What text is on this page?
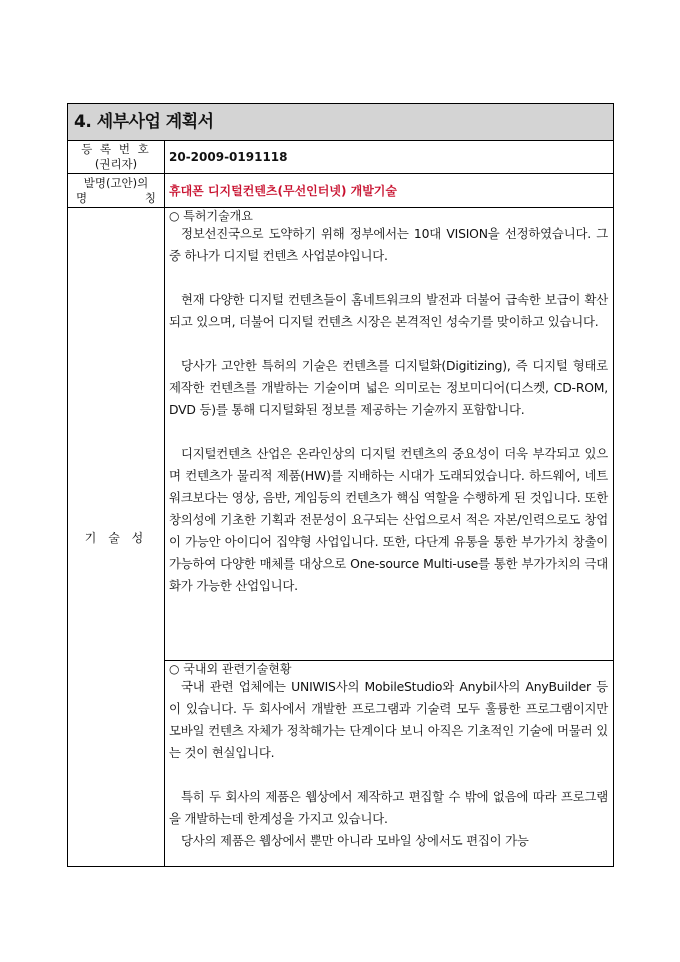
4. 세부사업 계획서	

등 록 번 호
(권리자)	20-2009-0191118

발명(고안)의
명 칭	휴대폰 디지털컨텐츠(무선인터넷) 개발기술
기 술 성	○ 특허기술개요

정보선진국으로 도약하기 위해 정부에서는 10대 VISION을 선정하였습니다. 그 중 하나가 디지털 컨텐츠 사업분야입니다.

현재 다양한 디지털 컨텐츠들이 홈네트워크의 발전과 더불어 급속한 보급이 확산되고 있으며, 더불어 디지털 컨텐츠 시장은 본격적인 성숙기를 맞이하고 있습니다.

당사가 고안한 특허의 기술은 컨텐츠를 디지털화(Digitizing), 즉 디지털 형태로 제작한 컨텐츠를 개발하는 기술이며 넓은 의미로는 정보미디어(디스켓, CD-ROM, DVD 등)를 통해 디지털화된 정보를 제공하는 기술까지 포함합니다.

디지털컨텐츠 산업은 온라인상의 디지털 컨텐츠의 중요성이 더욱 부각되고 있으며 컨텐츠가 물리적 제품(HW)를 지배하는 시대가 도래되었습니다. 하드웨어, 네트워크보다는 영상, 음반, 게임등의 컨텐츠가 핵심 역할을 수행하게 된 것입니다. 또한 창의성에 기초한 기획과 전문성이 요구되는 산업으로서 적은 자본/인력으로도 창업이 가능안 아이디어 집약형 사업입니다. 또한, 다단계 유통을 통한 부가가치 창출이 가능하여 다양한 매체를 대상으로 One-source Multi-use를 통한 부가가치의 극대화가 가능한 산업입니다.

	○ 국내외 관련기술현황

국내 관련 업체에는 UNIWIS사의 MobileStudio와 Anybil사의 AnyBuilder 등이 있습니다. 두 회사에서 개발한 프로그램과 기술력 모두 훌륭한 프로그램이지만 모바일 컨텐츠 자체가 정착해가는 단계이다 보니 아직은 기초적인 기술에 머물러 있는 것이 현실입니다.

특히 두 회사의 제품은 웹상에서 제작하고 편집할 수 밖에 없음에 따라 프로그램을 개발하는데 한계성을 가지고 있습니다.

당사의 제품은 웹상에서 뿐만 아니라 모바일 상에서도 편집이 가능
